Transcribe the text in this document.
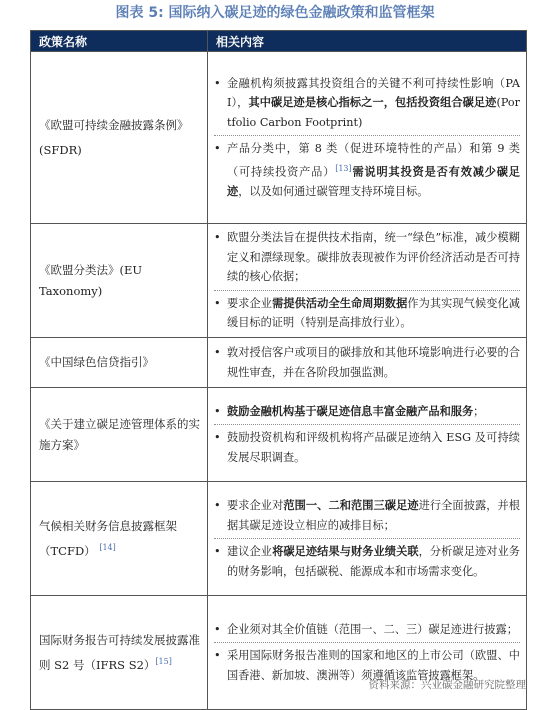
图表 5: 国际纳入碳足迹的绿色金融政策和监管框架
政策名称	相关内容
《欧盟可持续金融披露条例》(SFDR)	• 金融机构须披露其投资组合的关键不利可持续性影响（PAI），其中碳足迹是核心指标之一，包括投资组合碳足迹(Portfolio Carbon Footprint)
• 产品分类中，第 8 类（促进环境特性的产品）和第 9 类（可持续投资产品）[13]需说明其投资是否有效减少碳足迹，以及如何通过碳管理支持环境目标。

《欧盟分类法》(EU Taxonomy)	• 欧盟分类法旨在提供技术指南，统一“绿色”标准，减少模糊定义和漂绿现象。碳排放表现被作为评价经济活动是否可持续的核心依据；
• 要求企业需提供活动全生命周期数据作为其实现气候变化减缓目标的证明（特别是高排放行业）。

《中国绿色信贷指引》	• 敦对授信客户或项目的碳排放和其他环境影响进行必要的合规性审查，并在各阶段加强监测。

《关于建立碳足迹管理体系的实施方案》	• 鼓励金融机构基于碳足迹信息丰富金融产品和服务；
• 鼓励投资机构和评级机构将产品碳足迹纳入 ESG 及可持续发展尽职调查。

气候相关财务信息披露框架（TCFD） [14]	• 要求企业对范围一、二和范围三碳足迹进行全面披露，并根据其碳足迹设立相应的减排目标；
• 建议企业将碳足迹结果与财务业绩关联，分析碳足迹对业务的财务影响，包括碳税、能源成本和市场需求变化。

国际财务报告可持续发展披露准则 S2 号（IFRS S2）[15]	• 企业须对其全价值链（范围一、二、三）碳足迹进行披露；
• 采用国际财务报告准则的国家和地区的上市公司（欧盟、中国香港、新加坡、澳洲等）须遵循该监管披露框架。
资料来源：兴业碳金融研究院整理
